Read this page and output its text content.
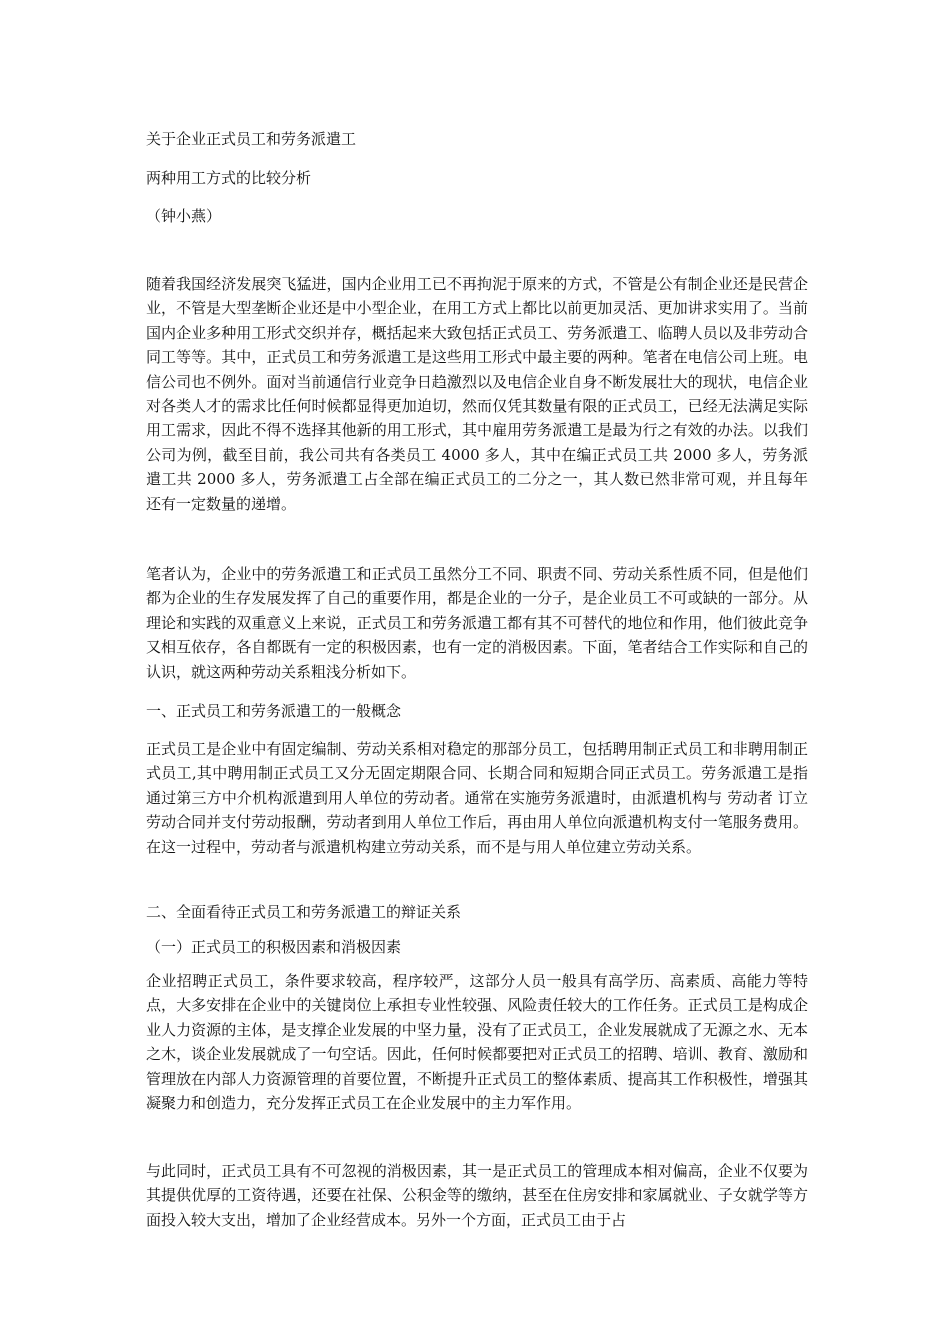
关于企业正式员工和劳务派遣工
两种用工方式的比较分析
（钟小燕）
随着我国经济发展突飞猛进，国内企业用工已不再拘泥于原来的方式，不管是公有制企业还是民营企业，不管是大型垄断企业还是中小型企业，在用工方式上都比以前更加灵活、更加讲求实用了。当前国内企业多种用工形式交织并存，概括起来大致包括正式员工、劳务派遣工、临聘人员以及非劳动合同工等等。其中，正式员工和劳务派遣工是这些用工形式中最主要的两种。笔者在电信公司上班。电信公司也不例外。面对当前通信行业竞争日趋激烈以及电信企业自身不断发展壮大的现状，电信企业对各类人才的需求比任何时候都显得更加迫切，然而仅凭其数量有限的正式员工，已经无法满足实际用工需求，因此不得不选择其他新的用工形式，其中雇用劳务派遣工是最为行之有效的办法。以我们公司为例，截至目前，我公司共有各类员工 4000 多人，其中在编正式员工共 2000 多人，劳务派遣工共 2000 多人，劳务派遣工占全部在编正式员工的二分之一，其人数已然非常可观，并且每年还有一定数量的递增。
笔者认为，企业中的劳务派遣工和正式员工虽然分工不同、职责不同、劳动关系性质不同，但是他们都为企业的生存发展发挥了自己的重要作用，都是企业的一分子，是企业员工不可或缺的一部分。从理论和实践的双重意义上来说，正式员工和劳务派遣工都有其不可替代的地位和作用，他们彼此竞争又相互依存，各自都既有一定的积极因素，也有一定的消极因素。下面，笔者结合工作实际和自己的认识，就这两种劳动关系粗浅分析如下。
一、正式员工和劳务派遣工的一般概念
正式员工是企业中有固定编制、劳动关系相对稳定的那部分员工，包括聘用制正式员工和非聘用制正式员工,其中聘用制正式员工又分无固定期限合同、长期合同和短期合同正式员工。劳务派遣工是指通过第三方中介机构派遣到用人单位的劳动者。通常在实施劳务派遣时，由派遣机构与 劳动者 订立劳动合同并支付劳动报酬，劳动者到用人单位工作后，再由用人单位向派遣机构支付一笔服务费用。在这一过程中，劳动者与派遣机构建立劳动关系，而不是与用人单位建立劳动关系。
二、全面看待正式员工和劳务派遣工的辩证关系
（一）正式员工的积极因素和消极因素
企业招聘正式员工，条件要求较高，程序较严，这部分人员一般具有高学历、高素质、高能力等特点，大多安排在企业中的关键岗位上承担专业性较强、风险责任较大的工作任务。正式员工是构成企业人力资源的主体，是支撑企业发展的中坚力量，没有了正式员工，企业发展就成了无源之水、无本之木，谈企业发展就成了一句空话。因此，任何时候都要把对正式员工的招聘、培训、教育、激励和管理放在内部人力资源管理的首要位置，不断提升正式员工的整体素质、提高其工作积极性，增强其凝聚力和创造力，充分发挥正式员工在企业发展中的主力军作用。
与此同时，正式员工具有不可忽视的消极因素，其一是正式员工的管理成本相对偏高，企业不仅要为其提供优厚的工资待遇，还要在社保、公积金等的缴纳，甚至在住房安排和家属就业、子女就学等方面投入较大支出，增加了企业经营成本。另外一个方面，正式员工由于占
